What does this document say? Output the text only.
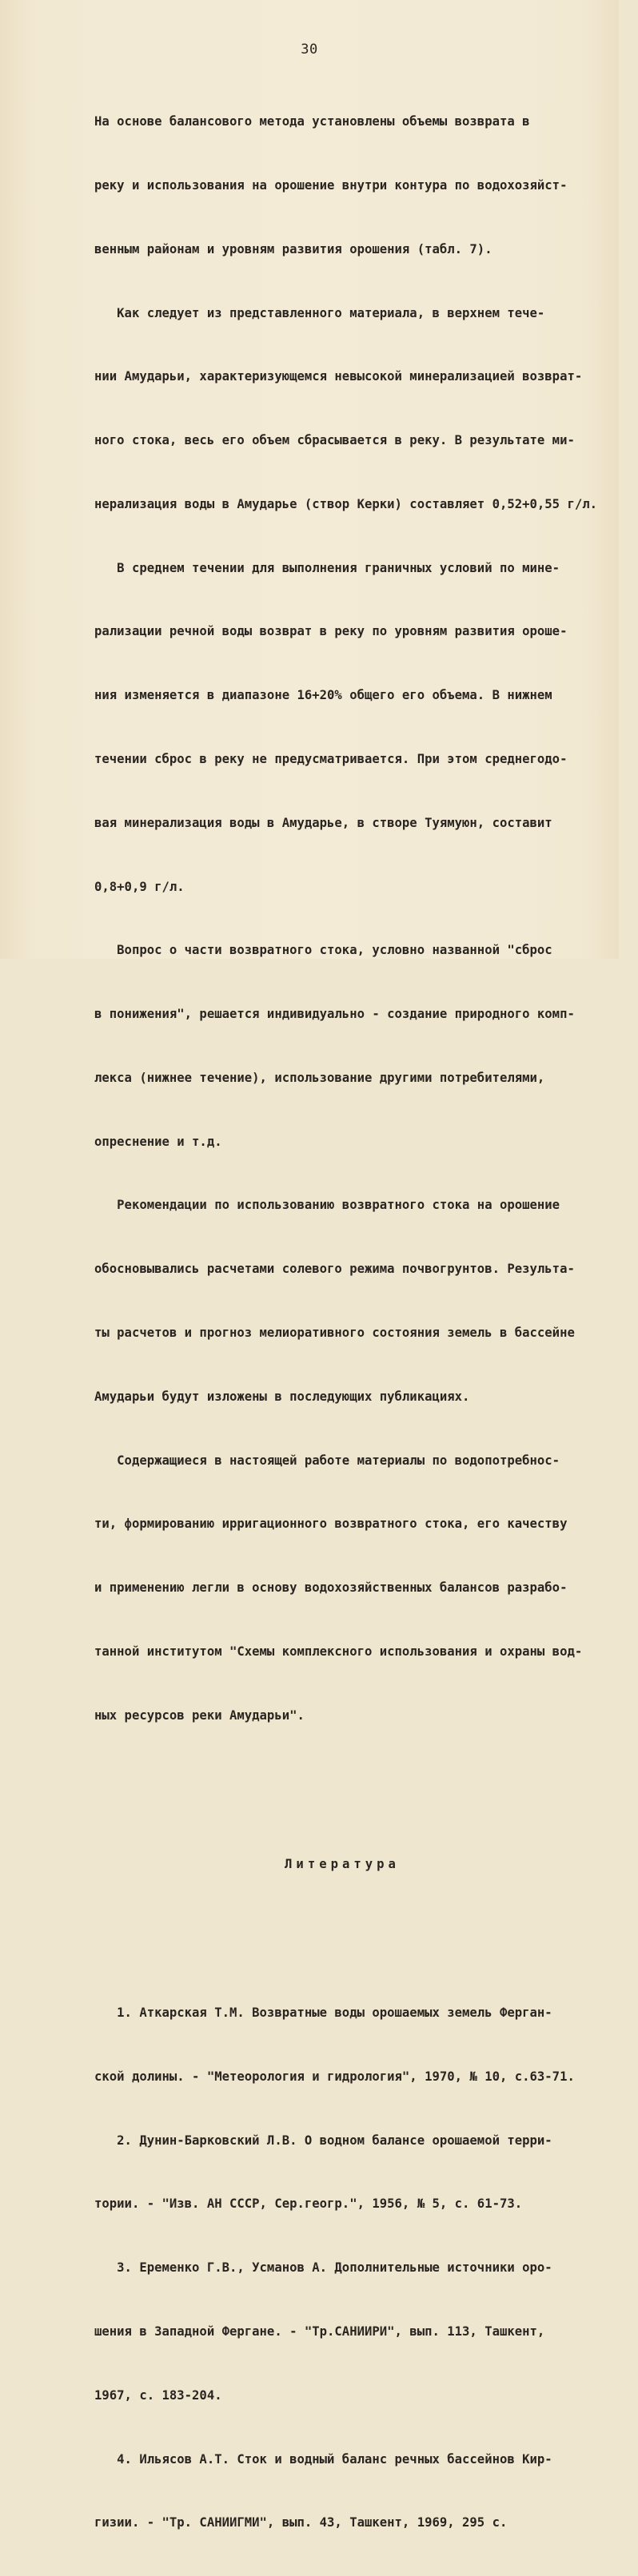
30

На основе балансового метода установлены объемы возврата в

реку и использования на орошение внутри контура по водохозяйст-

венным районам и уровням развития орошения (табл. 7).

Как следует из представленного материала, в верхнем тече-

нии Амударьи, характеризующемся невысокой минерализацией возврат-

ного стока, весь его объем сбрасывается в реку. В результате ми-

нерализация воды в Амударье (створ Керки) составляет 0,52+0,55 г/л.

В среднем течении для выполнения граничных условий по мине-

рализации речной воды возврат в реку по уровням развития ороше-

ния изменяется в диапазоне 16+20% общего его объема. В нижнем

течении сброс в реку не предусматривается. При этом среднегодо-

вая минерализация воды в Амударье, в створе Туямуюн, составит

0,8+0,9 г/л.

Вопрос о части возвратного стока, условно названной "сброс

в понижения", решается индивидуально - создание природного комп-

лекса (нижнее течение), использование другими потребителями,

опреснение и т.д.

Рекомендации по использованию возвратного стока на орошение

обосновывались расчетами солевого режима почвогрунтов. Результа-

ты расчетов и прогноз мелиоративного состояния земель в бассейне

Амударьи будут изложены в последующих публикациях.

Содержащиеся в настоящей работе материалы по водопотребнос-

ти, формированию ирригационного возвратного стока, его качеству

и применению легли в основу водохозяйственных балансов разрабо-

танной институтом "Схемы комплексного использования и охраны вод-

ных ресурсов реки Амударьи".

Литература

1. Аткарская Т.М. Возвратные воды орошаемых земель Ферган-

ской долины. - "Метеорология и гидрология", 1970, № 10, с.63-71.

2. Дунин-Барковский Л.В. О водном балансе орошаемой терри-

тории. - "Изв. АН СССР, Сер.геогр.", 1956, № 5, с. 61-73.

3. Еременко Г.В., Усманов А. Дополнительные источники оро-

шения в Западной Фергане. - "Тр.САНИИРИ", вып. 113, Ташкент,

1967, с. 183-204.

4. Ильясов А.Т. Сток и водный баланс речных бассейнов Кир-

гизии. - "Тр. САНИИГМИ", вып. 43, Ташкент, 1969, 295 с.
